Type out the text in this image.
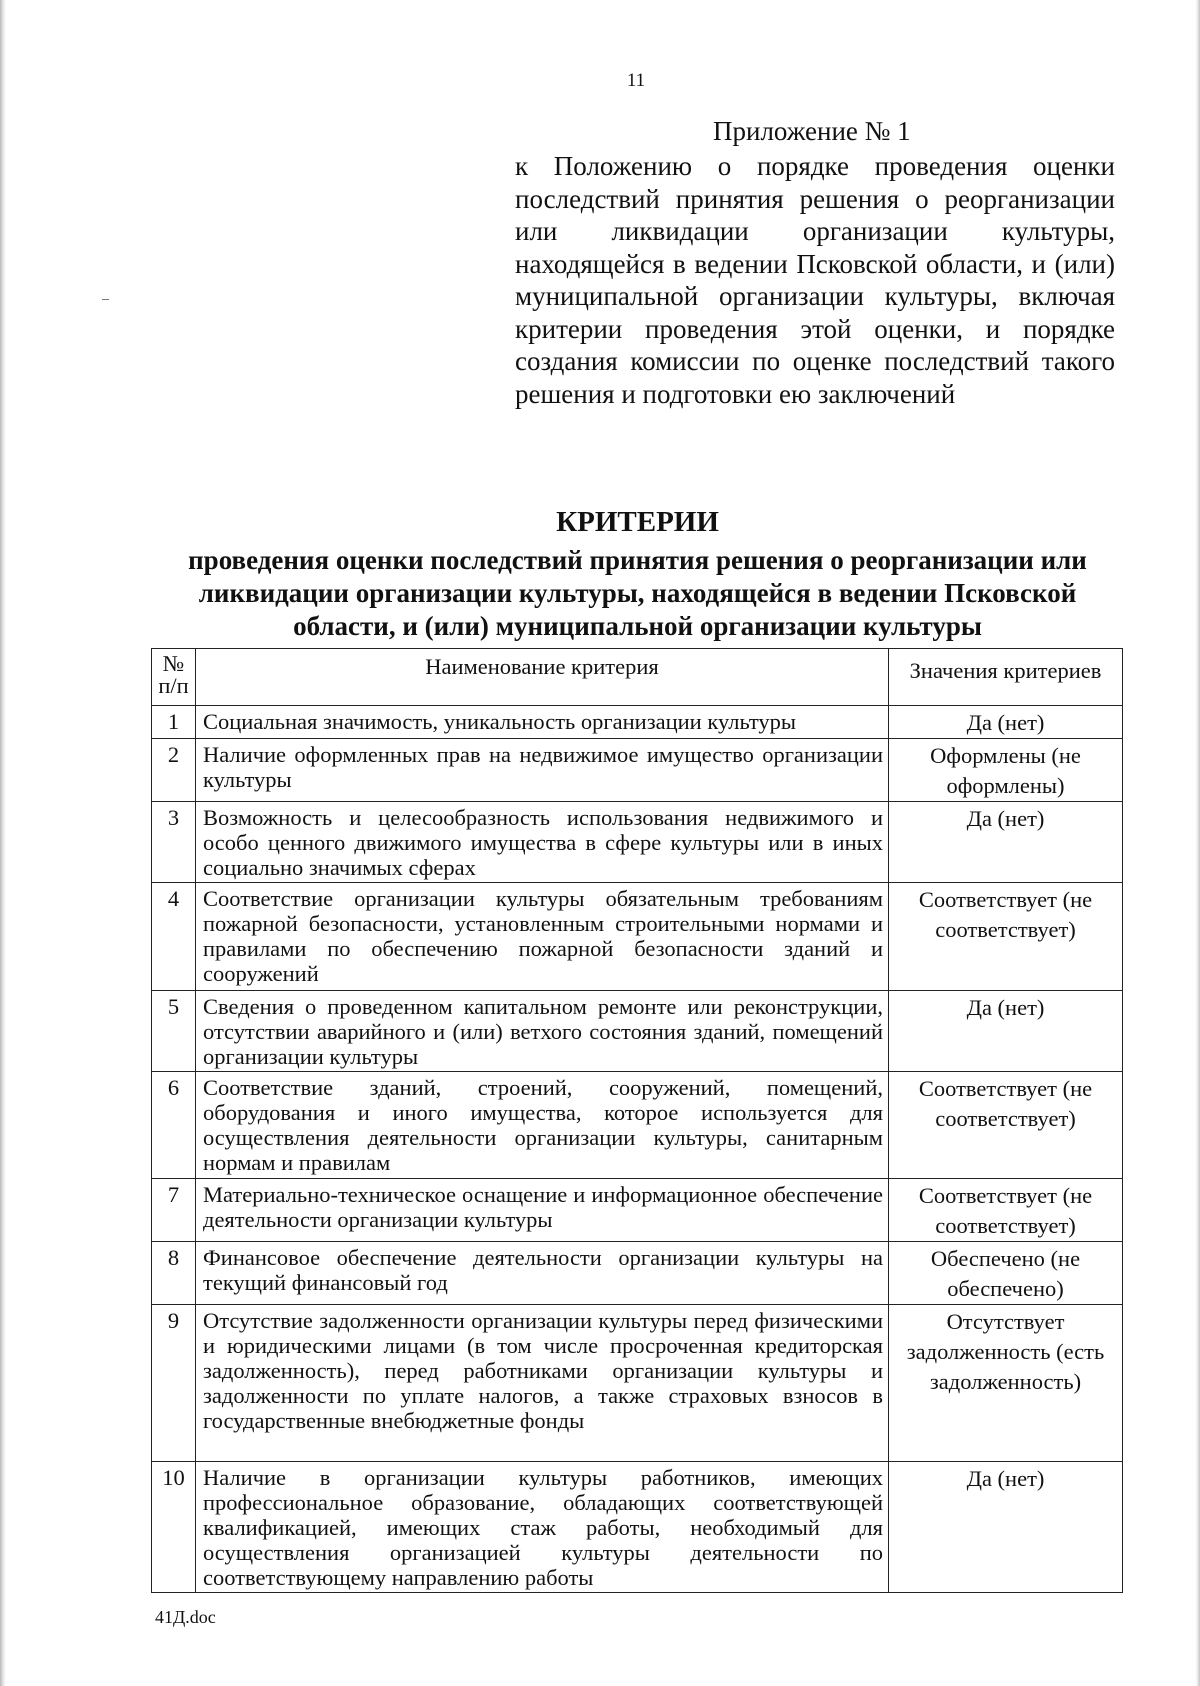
11
Приложение № 1
к Положению о порядке проведения оценки последствий принятия решения о реорганизации или ликвидации организации культуры, находящейся в ведении Псковской области, и (или) муниципальной организации культуры, включая критерии проведения этой оценки, и порядке создания комиссии по оценке последствий такого решения и подготовки ею заключений
КРИТЕРИИ
проведения оценки последствий принятия решения о реорганизации или ликвидации организации культуры, находящейся в ведении Псковской области, и (или) муниципальной организации культуры
№ п/п	Наименование критерия	Значения критериев
1	Социальная значимость, уникальность организации культуры	Да (нет)
2	Наличие оформленных прав на недвижимое имущество организации культуры	Оформлены (не оформлены)
3	Возможность и целесообразность использования недвижимого и особо ценного движимого имущества в сфере культуры или в иных социально значимых сферах	Да (нет)
4	Соответствие организации культуры обязательным требованиям пожарной безопасности, установленным строительными нормами и правилами по обеспечению пожарной безопасности зданий и сооружений	Соответствует (не соответствует)
5	Сведения о проведенном капитальном ремонте или реконструкции, отсутствии аварийного и (или) ветхого состояния зданий, помещений организации культуры	Да (нет)
6	Соответствие зданий, строений, сооружений, помещений, оборудования и иного имущества, которое используется для осуществления деятельности организации культуры, санитарным нормам и правилам	Соответствует (не соответствует)
7	Материально-техническое оснащение и информационное обеспечение деятельности организации культуры	Соответствует (не соответствует)
8	Финансовое обеспечение деятельности организации культуры на текущий финансовый год	Обеспечено (не обеспечено)
9	Отсутствие задолженности организации культуры перед физическими и юридическими лицами (в том числе просроченная кредиторская задолженность), перед работниками организации культуры и задолженности по уплате налогов, а также страховых взносов в государственные внебюджетные фонды	Отсутствует задолженность (есть задолженность)
10	Наличие в организации культуры работников, имеющих профессиональное образование, обладающих соответствующей квалификацией, имеющих стаж работы, необходимый для осуществления организацией культуры деятельности по соответствующему направлению работы	Да (нет)
41Д.doc
